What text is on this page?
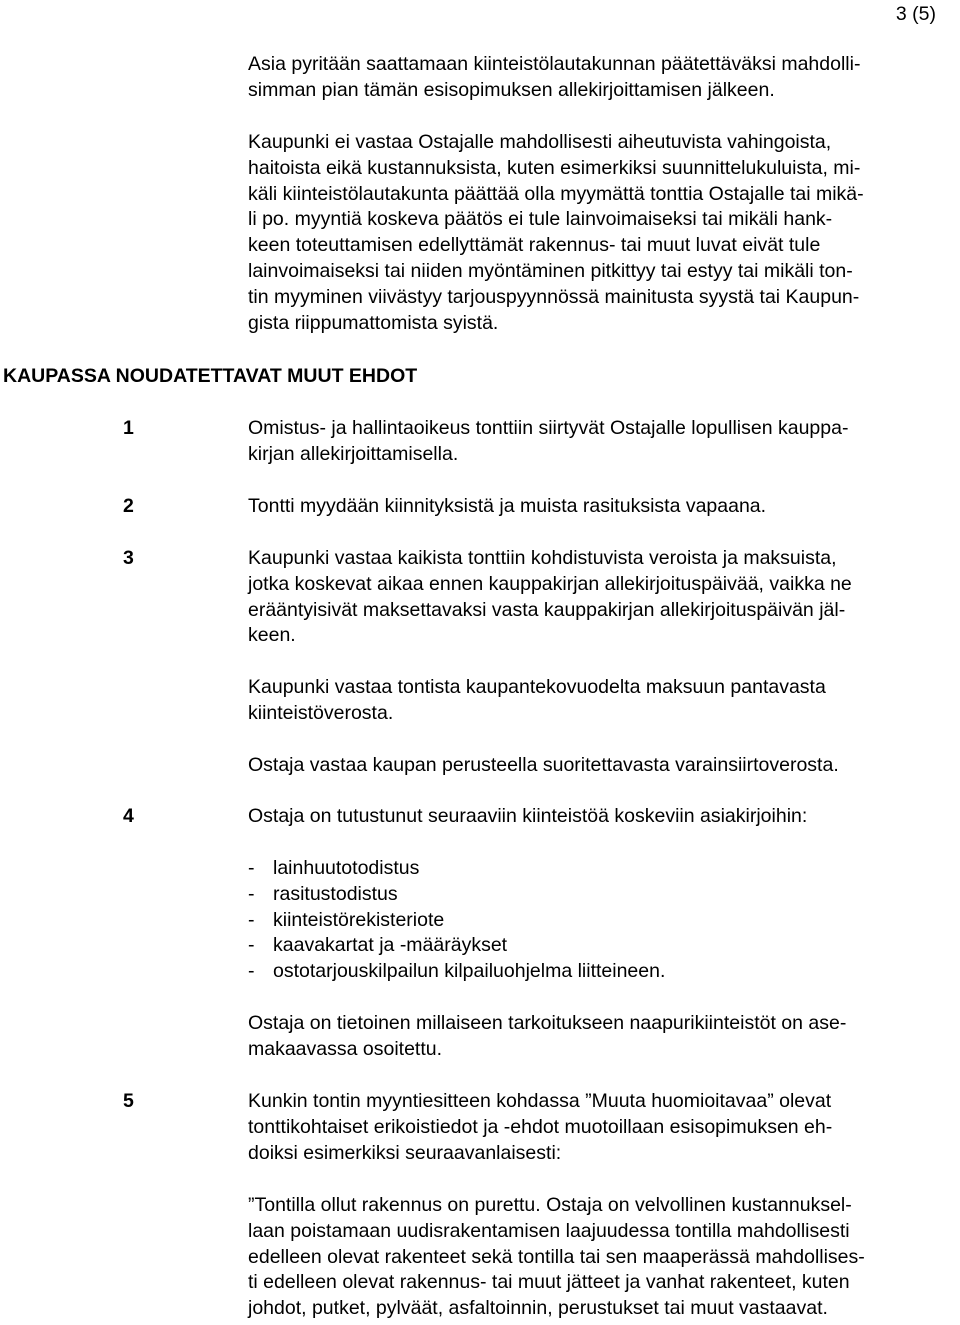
3 (5)
Asia pyritään saattamaan kiinteistölautakunnan päätettäväksi mahdolli-
simman pian tämän esisopimuksen allekirjoittamisen jälkeen.
Kaupunki ei vastaa Ostajalle mahdollisesti aiheutuvista vahingoista,
haitoista eikä kustannuksista, kuten esimerkiksi suunnittelukuluista, mi-
käli kiinteistölautakunta päättää olla myymättä tonttia Ostajalle tai mikä-
li po. myyntiä koskeva päätös ei tule lainvoimaiseksi tai mikäli hank-
keen toteuttamisen edellyttämät rakennus- tai muut luvat eivät tule
lainvoimaiseksi tai niiden myöntäminen pitkittyy tai estyy tai mikäli ton-
tin myyminen viivästyy tarjouspyynnössä mainitusta syystä tai Kaupun-
gista riippumattomista syistä.
KAUPASSA NOUDATETTAVAT MUUT EHDOT
1	Omistus- ja hallintaoikeus tonttiin siirtyvät Ostajalle lopullisen kauppa-
kirjan allekirjoittamisella.
2	Tontti myydään kiinnityksistä ja muista rasituksista vapaana.
3	Kaupunki vastaa kaikista tonttiin kohdistuvista veroista ja maksuista,
jotka koskevat aikaa ennen kauppakirjan allekirjoituspäivää, vaikka ne
erääntyisivät maksettavaksi vasta kauppakirjan allekirjoituspäivän jäl-
keen.
Kaupunki vastaa tontista kaupantekovuodelta maksuun pantavasta
kiinteistöverosta.
Ostaja vastaa kaupan perusteella suoritettavasta varainsiirtoverosta.
4	Ostaja on tutustunut seuraaviin kiinteistöä koskeviin asiakirjoihin:
- lainhuutotodistus
- rasitustodistus
- kiinteistörekisteriote
- kaavakartat ja -määräykset
- ostotarjouskilpailun kilpailuohjelma liitteineen.
Ostaja on tietoinen millaiseen tarkoitukseen naapurikiinteistöt on ase-
makaavassa osoitettu.
5	Kunkin tontin myyntiesitteen kohdassa ”Muuta huomioitavaa” olevat
tonttikohtaiset erikoistiedot ja -ehdot muotoillaan esisopimuksen eh-
doiksi esimerkiksi seuraavanlaisesti:
”Tontilla ollut rakennus on purettu. Ostaja on velvollinen kustannuksel-
laan poistamaan uudisrakentamisen laajuudessa tontilla mahdollisesti
edelleen olevat rakenteet sekä tontilla tai sen maaperässä mahdollises-
ti edelleen olevat rakennus- tai muut jätteet ja vanhat rakenteet, kuten
johdot, putket, pylväät, asfaltoinnin, perustukset tai muut vastaavat.
